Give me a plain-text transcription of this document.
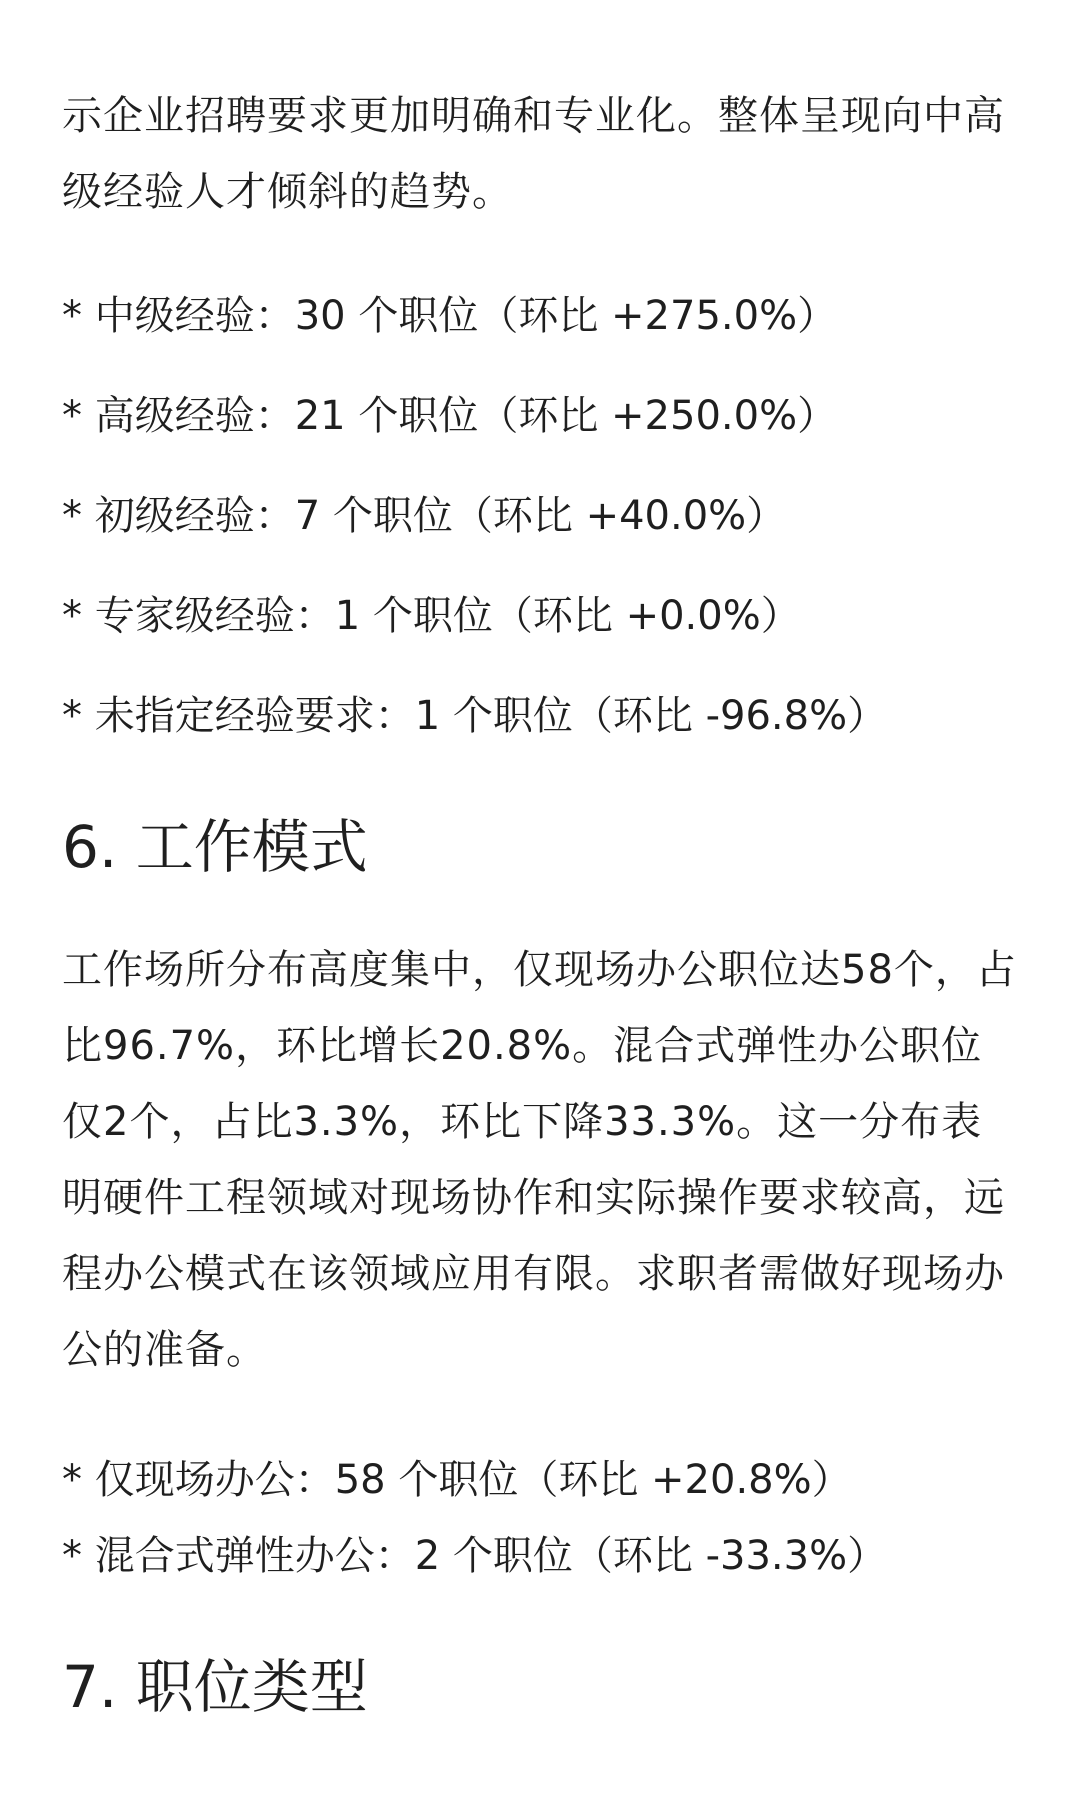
示企业招聘要求更加明确和专业化。整体呈现向中高级经验人才倾斜的趋势。

* 中级经验：30 个职位（环比 +275.0%）

* 高级经验：21 个职位（环比 +250.0%）

* 初级经验：7 个职位（环比 +40.0%）

* 专家级经验：1 个职位（环比 +0.0%）

* 未指定经验要求：1 个职位（环比 -96.8%）

6. 工作模式

工作场所分布高度集中，仅现场办公职位达58个，占比96.7%，环比增长20.8%。混合式弹性办公职位仅2个，占比3.3%，环比下降33.3%。这一分布表明硬件工程领域对现场协作和实际操作要求较高，远程办公模式在该领域应用有限。求职者需做好现场办公的准备。

* 仅现场办公：58 个职位（环比 +20.8%）

* 混合式弹性办公：2 个职位（环比 -33.3%）

7. 职位类型
